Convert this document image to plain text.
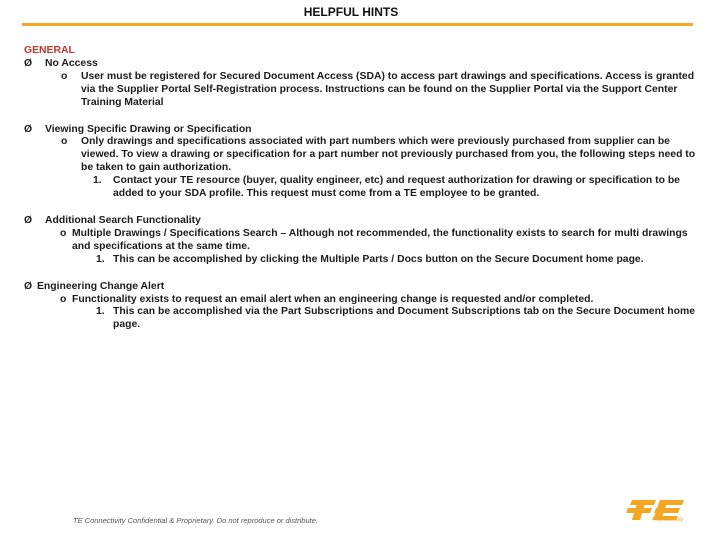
HELPFUL HINTS
GENERAL
Ø No Access
o User must be registered for Secured Document Access (SDA) to access part drawings and specifications. Access is granted via the Supplier Portal Self-Registration process. Instructions can be found on the Supplier Portal via the Support Center Training Material
Ø Viewing Specific Drawing or Specification
o Only drawings and specifications associated with part numbers which were previously purchased from supplier can be viewed. To view a drawing or specification for a part number not previously purchased from you, the following steps need to be taken to gain authorization.
1. Contact your TE resource (buyer, quality engineer, etc) and request authorization for drawing or specification to be added to your SDA profile. This request must come from a TE employee to be granted.
Ø Additional Search Functionality
o Multiple Drawings / Specifications Search – Although not recommended, the functionality exists to search for multi drawings and specifications at the same time.
1. This can be accomplished by clicking the Multiple Parts / Docs button on the Secure Document home page.
Ø Engineering Change Alert
o Functionality exists to request an email alert when an engineering change is requested and/or completed.
1. This can be accomplished via the Part Subscriptions and Document Subscriptions tab on the Secure Document home page.
TE Connectivity Confidential & Proprietary. Do not reproduce or distribute.	connectivity
